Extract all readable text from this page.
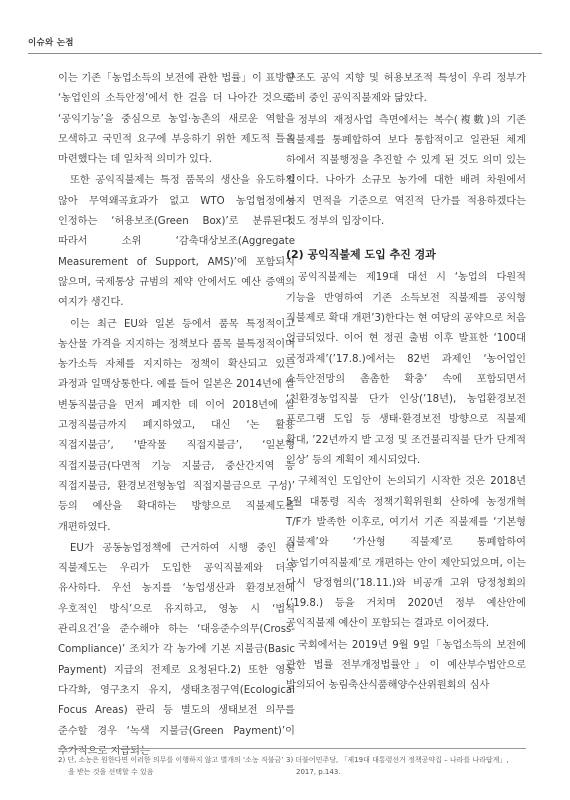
이슈와 논점

이는 기존「농업소득의 보전에 관한 법률」이 표방한 ‘농업인의 소득안정’에서 한 걸음 더 나아간 것으로, ‘공익기능’을 중심으로 농업·농촌의 새로운 역할을 모색하고 국민적 요구에 부응하기 위한 제도적 틀을 마련했다는 데 일차적 의미가 있다.

또한 공익직불제는 특정 품목의 생산을 유도하지 않아 무역왜곡효과가 없고 WTO 농업협정에서 인정하는 ‘허용보조(Green Box)’로 분류된다. 따라서 소위 ‘감축대상보조(Aggregate Measurement of Support, AMS)’에 포함되지 않으며, 국제통상 규범의 제약 안에서도 예산 증액의 여지가 생긴다.

이는 최근 EU와 일본 등에서 품목 특정적이고 농산물 가격을 지지하는 정책보다 품목 불특정적이며 농가소득 자체를 지지하는 정책이 확산되고 있는 과정과 일맥상통한다. 예를 들어 일본은 2014년에 쌀 변동직불금을 먼저 폐지한 데 이어 2018년에 쌀 고정직불금까지 폐지하였고, 대신 ‘논 활용 직접지불금’, ‘밭작물 직접지불금’, ‘일본형 직접지불금(다면적 기능 지불금, 중산간지역 등 직접지불금, 환경보전형농업 직접지불금으로 구성)’ 등의 예산을 확대하는 방향으로 직불제도를 개편하였다.

EU가 공동농업정책에 근거하여 시행 중인 현 직불제도는 우리가 도입한 공익직불제와 더욱 유사하다. 우선 농지를 ‘농업생산과 환경보전에 우호적인 방식’으로 유지하고, 영농 시 ‘법적 관리요건’을 준수해야 하는 ‘대응준수의무(Cross-Compliance)’ 조치가 각 농가에 기본 지불금(Basic Payment) 지급의 전제로 요청된다.2) 또한 영농 다각화, 영구초지 유지, 생태초점구역(Ecological Focus Areas) 관리 등 별도의 생태보전 의무를 준수할 경우 ‘녹색 지불금(Green Payment)’이 추가적으로 지급되는

구조도 공익 지향 및 허용보조적 특성이 우리 정부가 준비 중인 공익직불제와 닮았다.

정부의 재정사업 측면에서는 복수(複數)의 기존 직불제를 통폐합하여 보다 통합적이고 일관된 체계 하에서 직불행정을 추진할 수 있게 된 것도 의미 있는 일이다. 나아가 소규모 농가에 대한 배려 차원에서 농지 면적을 기준으로 역진적 단가를 적용하겠다는 것도 정부의 입장이다.

(2) 공익직불제 도입 추진 경과

공익직불제는 제19대 대선 시 ‘농업의 다원적 기능을 반영하여 기존 소득보전 직불제를 공익형 직불제로 확대 개편’3)한다는 현 여당의 공약으로 처음 언급되었다. 이어 현 정권 출범 이후 발표한 ‘100대 국정과제’(’17.8.)에서는 82번 과제인 ‘농어업인 소득안전망의 촘촘한 확충’ 속에 포함되면서 ‘친환경농업직불 단가 인상(’18년), 농업환경보전 프로그램 도입 등 생태·환경보전 방향으로 직불제 확대, ’22년까지 밭 고정 및 조건불리직불 단가 단계적 인상’ 등의 계획이 제시되었다.

구체적인 도입안이 논의되기 시작한 것은 2018년 5월 대통령 직속 정책기획위원회 산하에 농정개혁 T/F가 발족한 이후로, 여기서 기존 직불제를 ‘기본형 직불제’와 ‘가산형 직불제’로 통폐합하여 ‘농업기여직불제’로 개편하는 안이 제안되었으며, 이는 다시 당정협의(’18.11.)와 비공개 고위 당정청회의(’19.8.) 등을 거치며 2020년 정부 예산안에 공익직불제 예산이 포함되는 결과로 이어졌다.

국회에서는 2019년 9월 9일「농업소득의 보전에 관한 법률 전부개정법률안」이 예산부수법안으로 발의되어 농림축산식품해양수산위원회의 심사

2) 단, 소농은 원한다면 이러한 의무를 이행하지 않고 별개의 ‘소농 직불금’
을 받는 것을 선택할 수 있음
3) 더불어민주당, 「제19대 대통령선거 정책공약집 – 나라를 나라답게」,
2017, p.143.
